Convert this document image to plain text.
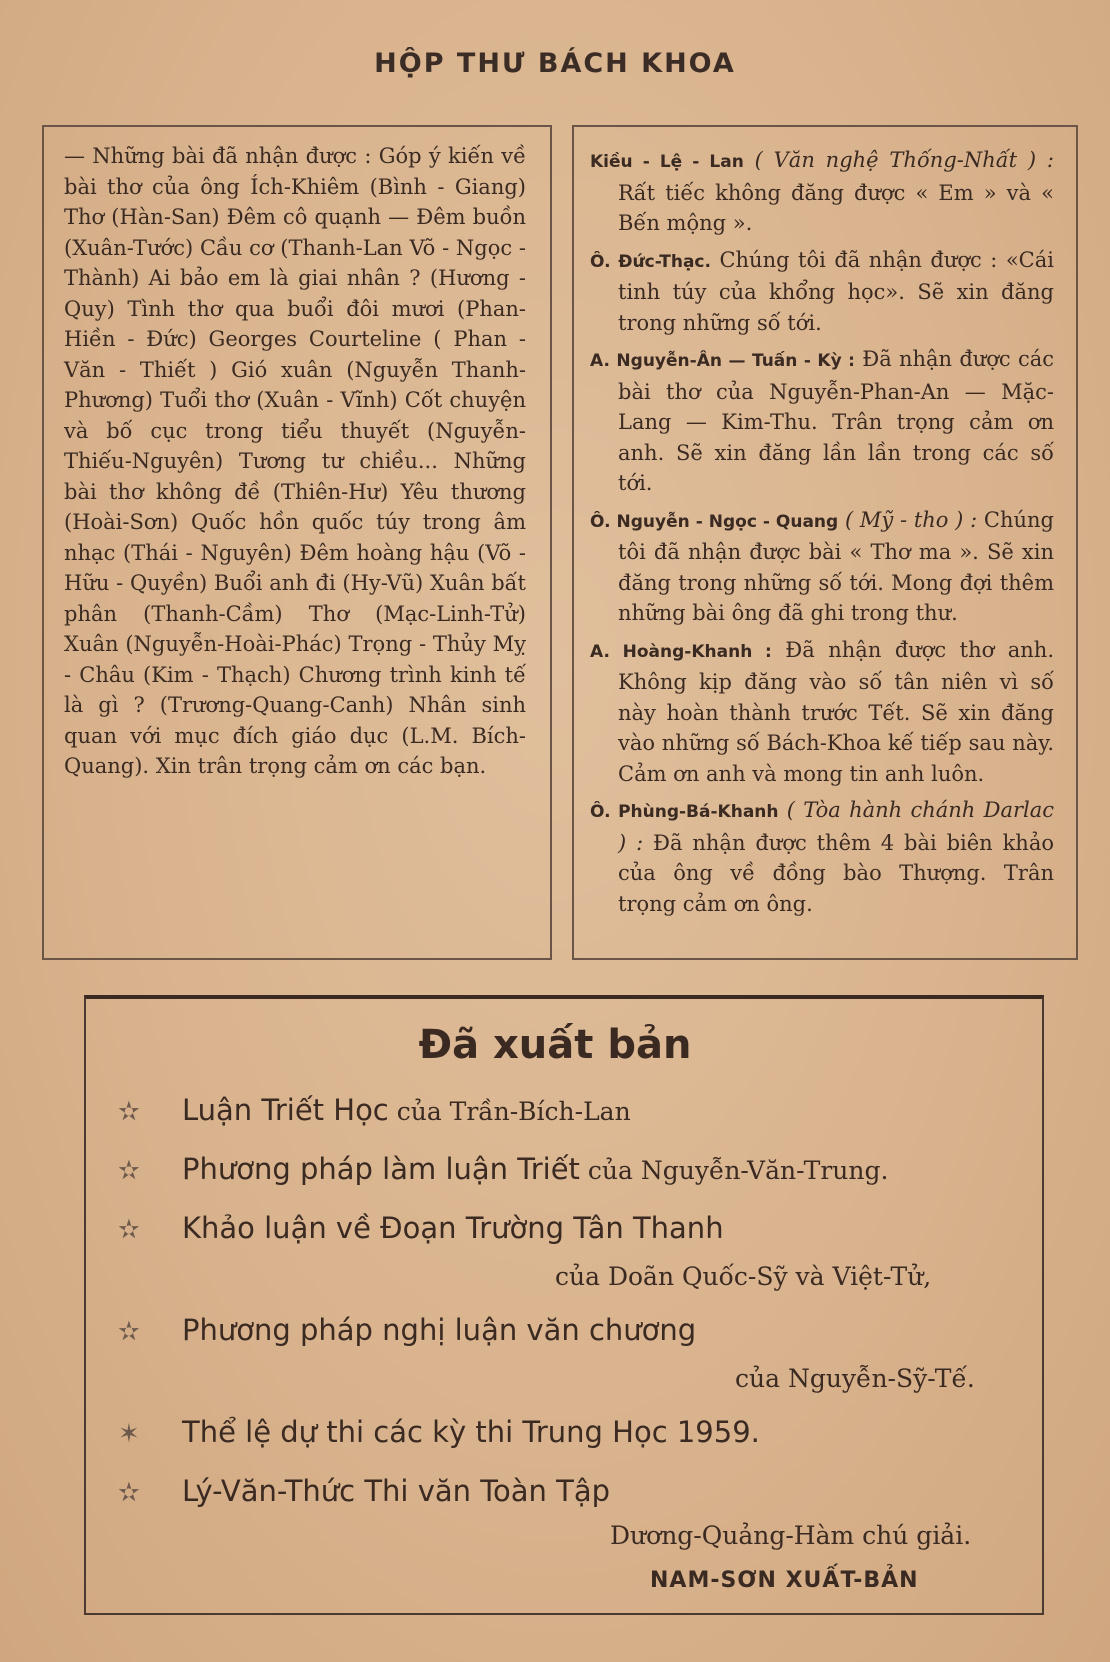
HỘP THƯ BÁCH KHOA

— Những bài đã nhận được : Góp ý kiến về bài thơ của ông Ích-Khiêm (Bình - Giang) Thơ (Hàn-San) Đêm cô quạnh — Đêm buồn (Xuân-Tước) Cầu cơ (Thanh-Lan Võ - Ngọc - Thành) Ai bảo em là giai nhân ? (Hương - Quy) Tình thơ qua buổi đôi mươi (Phan-Hiền - Đức) Georges Courteline ( Phan - Văn - Thiết ) Gió xuân (Nguyễn Thanh-Phương) Tuổi thơ (Xuân - Vĩnh) Cốt chuyện và bố cục trong tiểu thuyết (Nguyễn-Thiếu-Nguyên) Tương tư chiều... Những bài thơ không đề (Thiên-Hư) Yêu thương (Hoài-Sơn) Quốc hồn quốc túy trong âm nhạc (Thái - Nguyên) Đêm hoàng hậu (Võ - Hữu - Quyền) Buổi anh đi (Hy-Vũ) Xuân bất phân (Thanh-Cầm) Thơ (Mạc-Linh-Tử) Xuân (Nguyễn-Hoài-Phác) Trọng - Thủy Mỵ - Châu (Kim - Thạch) Chương trình kinh tế là gì ? (Trương-Quang-Canh) Nhân sinh quan với mục đích giáo dục (L.M. Bích-Quang). Xin trân trọng cảm ơn các bạn.

Kiều - Lệ - Lan ( Văn nghệ Thống-Nhất ) : Rất tiếc không đăng được « Em » và « Bến mộng ».

Ô. Đức-Thạc. Chúng tôi đã nhận được : «Cái tinh túy của khổng học». Sẽ xin đăng trong những số tới.

A. Nguyễn-Ân — Tuấn - Kỳ : Đã nhận được các bài thơ của Nguyễn-Phan-An — Mặc-Lang — Kim-Thu. Trân trọng cảm ơn anh. Sẽ xin đăng lần lần trong các số tới.

Ô. Nguyễn - Ngọc - Quang ( Mỹ - tho ) : Chúng tôi đã nhận được bài « Thơ ma ». Sẽ xin đăng trong những số tới. Mong đợi thêm những bài ông đã ghi trong thư.

A. Hoàng-Khanh : Đã nhận được thơ anh. Không kịp đăng vào số tân niên vì số này hoàn thành trước Tết. Sẽ xin đăng vào những số Bách-Khoa kế tiếp sau này. Cảm ơn anh và mong tin anh luôn.

Ô. Phùng-Bá-Khanh ( Tòa hành chánh Darlac ) : Đã nhận được thêm 4 bài biên khảo của ông về đồng bào Thượng. Trân trọng cảm ơn ông.

Đã xuất bản
✫ Luận Triết Học của Trần-Bích-Lan
✫ Phương pháp làm luận Triết của Nguyễn-Văn-Trung.
✫ Khảo luận về Đoạn Trường Tân Thanh
của Doãn Quốc-Sỹ và Việt-Tử,
✫ Phương pháp nghị luận văn chương
của Nguyễn-Sỹ-Tế.
✶ Thể lệ dự thi các kỳ thi Trung Học 1959.
✫ Lý-Văn-Thức Thi văn Toàn Tập
Dương-Quảng-Hàm chú giải.
NAM-SƠN XUẤT-BẢN
